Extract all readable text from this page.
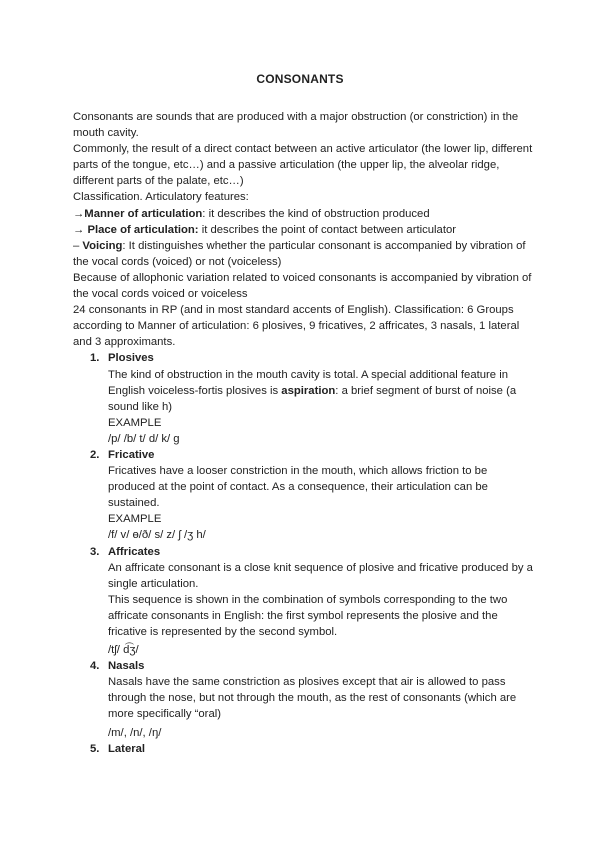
CONSONANTS

Consonants are sounds that are produced with a major obstruction (or constriction) in the mouth cavity.

Commonly, the result of a direct contact between an active articulator (the lower lip, different parts of the tongue, etc…) and a passive articulation (the upper lip, the alveolar ridge, different parts of the palate, etc…)

Classification. Articulatory features:

→Manner of articulation: it describes the kind of obstruction produced

→ Place of articulation: it describes the point of contact between articulator

– Voicing: It distinguishes whether the particular consonant is accompanied by vibration of the vocal cords (voiced) or not (voiceless)

Because of allophonic variation related to voiced consonants is accompanied by vibration of the vocal cords voiced or voiceless

24 consonants in RP (and in most standard accents of English). Classification: 6 Groups according to Manner of articulation: 6 plosives, 9 fricatives, 2 affricates, 3 nasals, 1 lateral and 3 approximants.

1. Plosives

The kind of obstruction in the mouth cavity is total. A special additional feature in English voiceless-fortis plosives is aspiration: a brief segment of burst of noise (a sound like h)

EXAMPLE
/p/ /b/ t/ d/ k/ g
2. Fricative

Fricatives have a looser constriction in the mouth, which allows friction to be produced at the point of contact. As a consequence, their articulation can be sustained.

EXAMPLE
/f/ v/ ɵ/ð/ s/ z/ ʃ /ʒ h/
3. Affricates

An affricate consonant is a close knit sequence of plosive and fricative produced by a single articulation.

This sequence is shown in the combination of symbols corresponding to the two affricate consonants in English: the first symbol represents the plosive and the fricative is represented by the second symbol.

/tʃ/ d͡ʒ/
4. Nasals

Nasals have the same constriction as plosives except that air is allowed to pass through the nose, but not through the mouth, as the rest of consonants (which are more specifically “oral)

/m/, /n/, /ŋ/
5. Lateral
